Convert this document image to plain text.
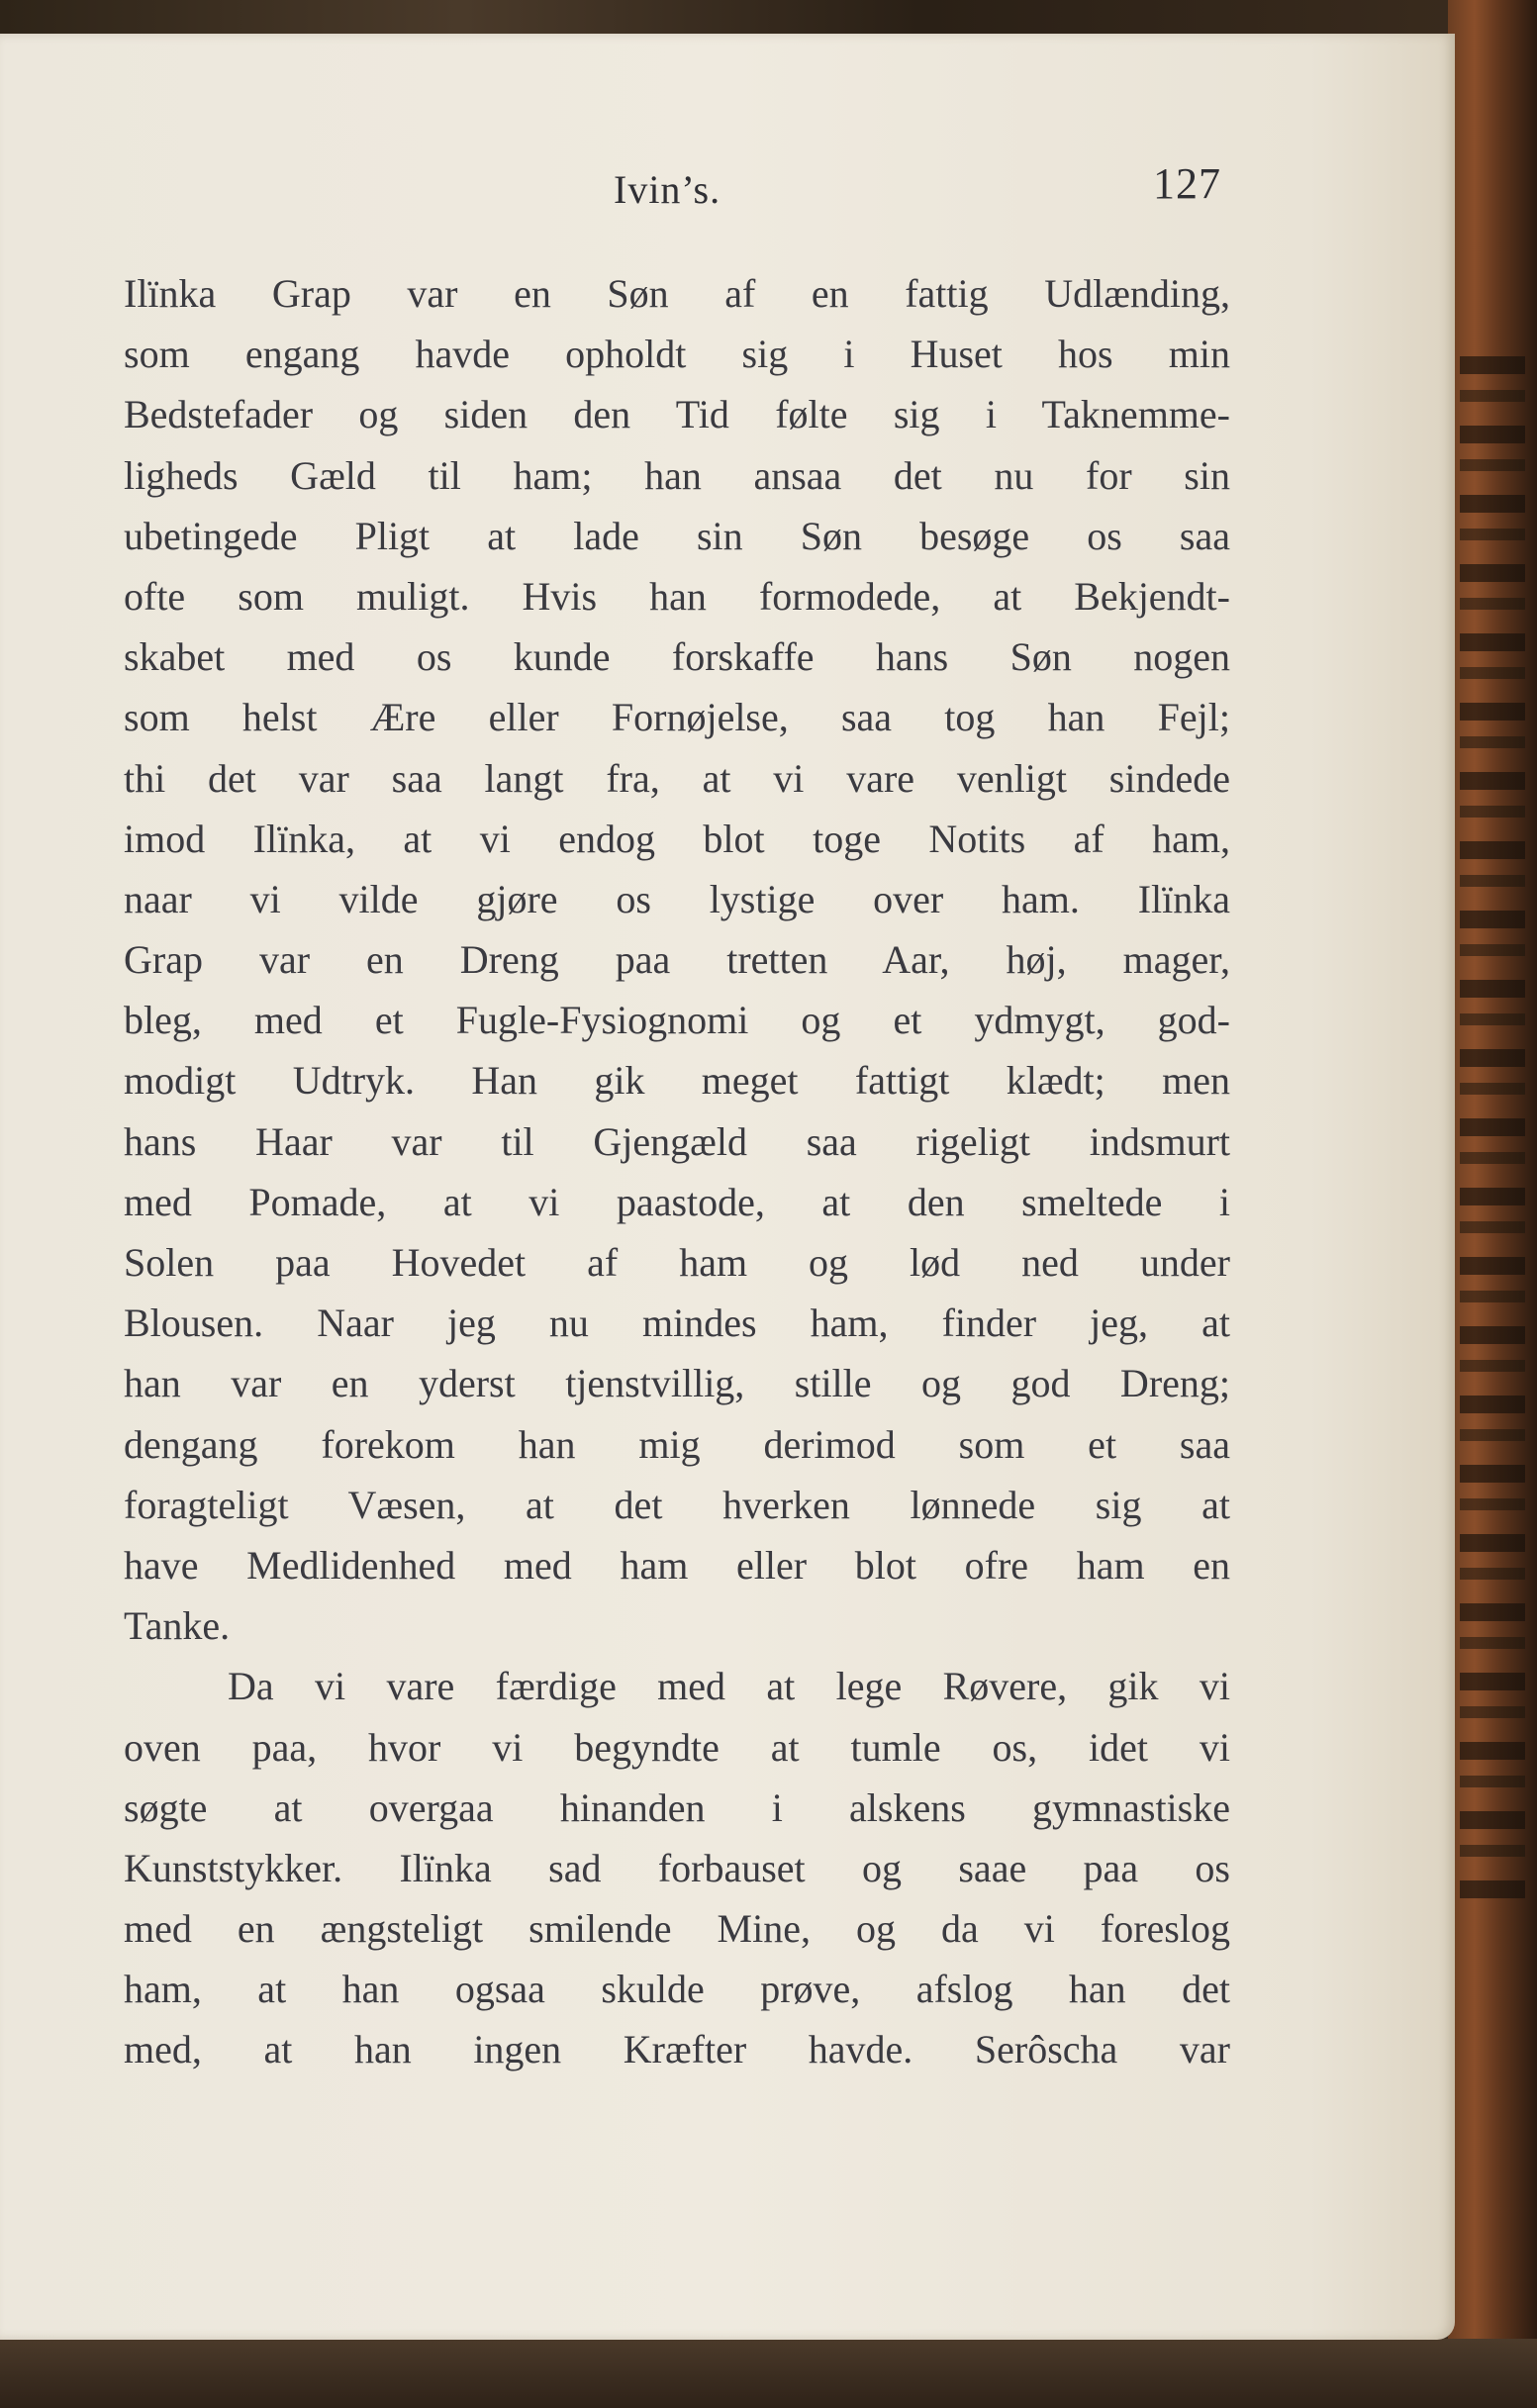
Ivin’s.	127
Ilïnka Grap var en Søn af en fattig Udlænding,
som engang havde opholdt sig i Huset hos min
Bedstefader og siden den Tid følte sig i Taknemme-
ligheds Gæld til ham; han ansaa det nu for sin
ubetingede Pligt at lade sin Søn besøge os saa
ofte som muligt. Hvis han formodede, at Bekjendt-
skabet med os kunde forskaffe hans Søn nogen
som helst Ære eller Fornøjelse, saa tog han Fejl;
thi det var saa langt fra, at vi vare venligt sindede
imod Ilïnka, at vi endog blot toge Notits af ham,
naar vi vilde gjøre os lystige over ham. Ilïnka
Grap var en Dreng paa tretten Aar, høj, mager,
bleg, med et Fugle-Fysiognomi og et ydmygt, god-
modigt Udtryk. Han gik meget fattigt klædt; men
hans Haar var til Gjengæld saa rigeligt indsmurt
med Pomade, at vi paastode, at den smeltede i
Solen paa Hovedet af ham og lød ned under
Blousen. Naar jeg nu mindes ham, finder jeg, at
han var en yderst tjenstvillig, stille og god Dreng;
dengang forekom han mig derimod som et saa
foragteligt Væsen, at det hverken lønnede sig at
have Medlidenhed med ham eller blot ofre ham en
Tanke.
Da vi vare færdige med at lege Røvere, gik vi
oven paa, hvor vi begyndte at tumle os, idet vi
søgte at overgaa hinanden i alskens gymnastiske
Kunststykker. Ilïnka sad forbauset og saae paa os
med en ængsteligt smilende Mine, og da vi foreslog
ham, at han ogsaa skulde prøve, afslog han det
med, at han ingen Kræfter havde. Serôscha var
